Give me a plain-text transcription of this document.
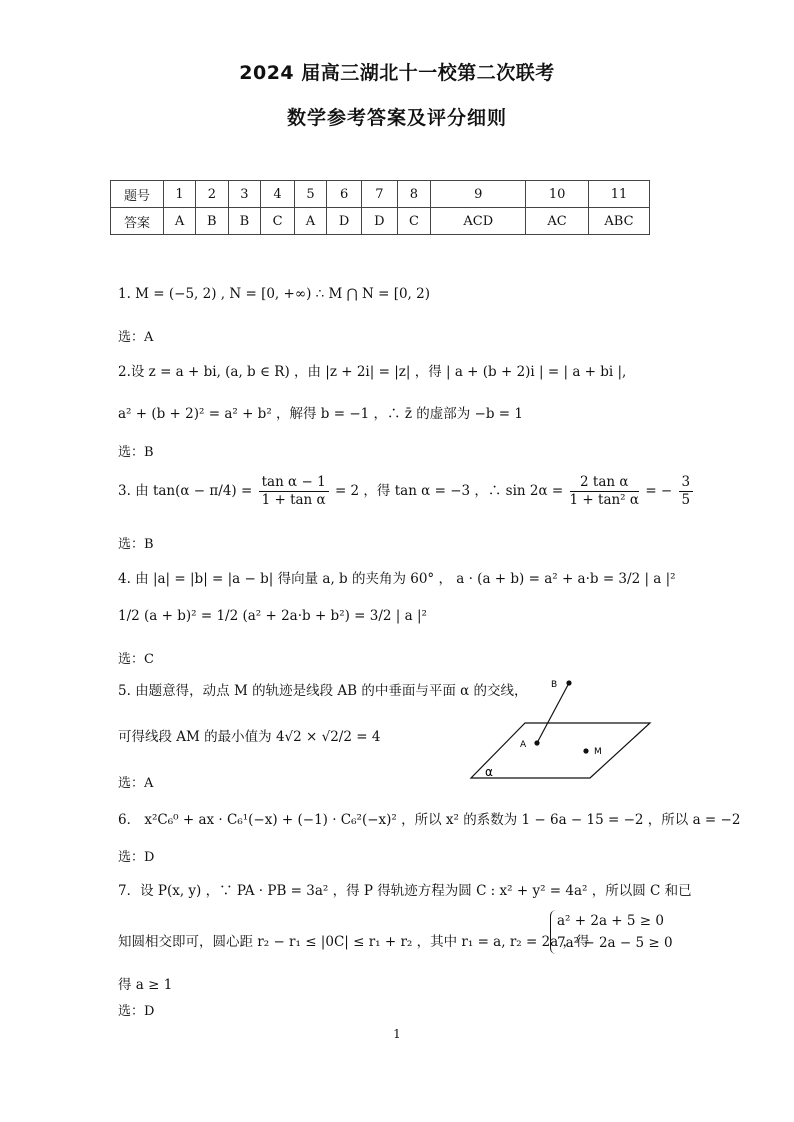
2024 届高三湖北十一校第二次联考
数学参考答案及评分细则
题号	1	2	3	4	5	6	7	8	9	10	11
答案	A	B	B	C	A	D	D	C	ACD	AC	ABC
1. M = (−5, 2) , N = [0, +∞) ∴ M ⋂ N = [0, 2)
选：A
2.设 z = a + bi, (a, b ∈ R) ，由 |z + 2i| = |z| ，得 | a + (b + 2)i | = | a + bi |,
a² + (b + 2)² = a² + b² ，解得 b = −1 ，∴ z̄ 的虚部为 −b = 1
选：B
3. 由 $\tan(\alpha - \pi/4) = \frac{\text{tan α − 1}}{\text{1 + tan α}} = 2$ ，得 tan α = −3 ，∴ $\sin 2\alpha = \frac{\text{2 tan α}}{\text{1 + tan² α}}$ = − $\frac{3}{5}$
选：B
4. 由 |a| = |b| = |a − b| 得向量 a, b 的夹角为 60° ， a · (a + b) = a² + a·b = 3/2 | a |²
1/2 (a + b)² = 1/2 (a² + 2a·b + b²) = 3/2 | a |²
选：C
5. 由题意得，动点 M 的轨迹是线段 AB 的中垂面与平面 α 的交线，
可得线段 AM 的最小值为 4√2 × √2/2 = 4
选：A
B
A
M
α
6． x²C₆⁰ + ax · C₆¹(−x) + (−1) · C₆²(−x)² ，所以 x² 的系数为 1 − 6a − 15 = −2 ，所以 a = −2
选：D
7．设 P(x, y) ，∵ PA · PB = 3a² ，得 P 得轨迹方程为圆 C : x² + y² = 4a² ，所以圆 C 和已
知圆相交即可，圆心距 r₂ − r₁ ≤ |0C| ≤ r₁ + r₂ ，其中 r₁ = a, r₂ = 2a ，得
a² + 2a + 5 ≥ 0
7a² − 2a − 5 ≥ 0
得 a ≥ 1
选：D
1
